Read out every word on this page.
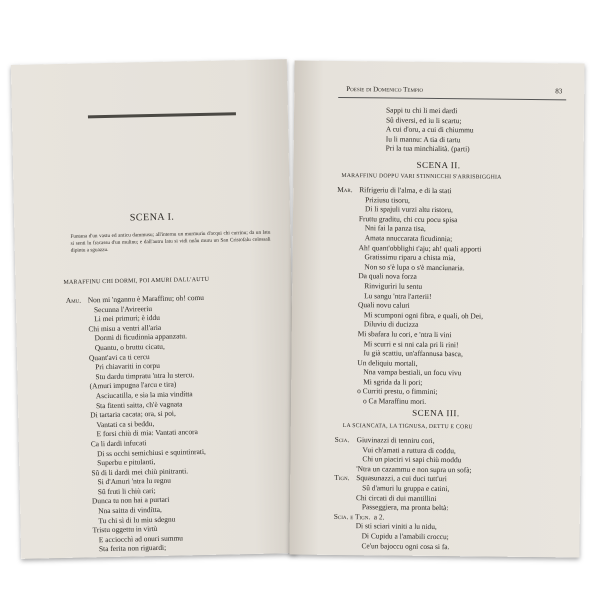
SCENA I.
Funtana d'un vastu ed anticu dammusu; all'internu un murmuriu d'acqui chi currinu; da un latu si senti lu fracassu d'un mulinu; e dall'autru latu si vidi nnâu muru un San Cristofalu colossali dipintu a sguazzu.
MARAFFINU CHI DORMI, POI AMURI DALL'AUTU
Amu. Non mi 'ngannu è Maraffinu; oh! comu
Secunna l'Avireeriu
Li mei primuri; è iddu
Chi misu a ventri all'aria
Dormi di ficudinnia appanzatu.
Quantu, o bruttu cicatu,
Quant'avi ca ti cercu
Pri chiavariti in corpu
Stu dardu timpratu 'ntra lu stercu.
(Amuri impugna l'arcu e tira)
Asciucatilla, e sia la mia vindítta
Sta fitenti saitta, ch'è vagnata
Di tartaria cacata; ora, si poi,
Vantati ca si beddu,
E forsi chiù di mia: Vantati ancora
Ca li dardi infucati
Di ss occhi semichiusi e squintinrati,
Superbu e pitulanti,
Sû di li dardi mei chiù pinitranti.
Si d'Amuri 'ntra lu regnu
Sû fruti li chiù cari;
Dunca tu non hai a purtari
Nna saitta di vindítta,
Tu chi sì di lu miu sdegnu
Tristu oggettu in virtù
E acciocchì ad onuri summu
Sta ferita non riguardi;
Poesie di Domenico Tempio	83
Sappi tu chi li mei dardi
Sû diversi, ed iu li scartu;
A cui d'oru, a cui di chiummu
Iu li mannu: A tia di tartu
Pri la tua minchialità. (parti)
SCENA II.
MARAFFINU DOPPU VARI STINNICCHI S'ARRISBIGGHIA
Mar. Rifrigeriu di l'alma, e di la stati
Priziusu tisoru,
Di li spajuli vurzi altu ristoru,
Fruttu graditu, chi ccu pocu spisa
Nni fai la panza tisa,
Amata nnuccarata ficudinnia;
Ah! quant'obblighi t'aju; ah! quali apporti
Gratissimu riparu a chista mia,
Non so s'è lupa o s'è mancíunaria.
Da quali nova forza
Rinvigurìri lu sentu
Lu sangu 'ntra l'arterii!
Quali novu caluri
Mi scumponi ogni fibra, e quali, oh Dei,
Diluviu di ducizza
Mi sbafara lu cori, e 'ntra li vini
Mi scurri e si nni cala pri li rini!
Iu già scattiu, un'affannusa basca,
Un deliquiu mortali,
Nna vampa bestiali, un focu vivu
Mi sgrida da li pori;
o Curriti prestu, o fimmini;
o Ca Maraffinu mori.
SCENA III.
LA SCIANCATA, LA TIGNUSA, DETTU E CORU
Scia. Giuvinazzi di tenniru cori,
Vui ch'amati a ruttura di coddu,
Chi un piaciri vi sapi chiù moddu
'Ntra un cazammu e non supra un sofà;
Tign. Squasunazzi, a cui duci tutt'uri
Sû d'amuri lu gruppa e catini,
Chi circati di dui mantillini
Passeggiera, ma pronta beltà:
Scia. e Tign. a 2.
Di sti sciari viniti a lu nidu,
Di Cupidu a l'amabili croccu;
Ce'un bajoccu ogni cosa si fa.
